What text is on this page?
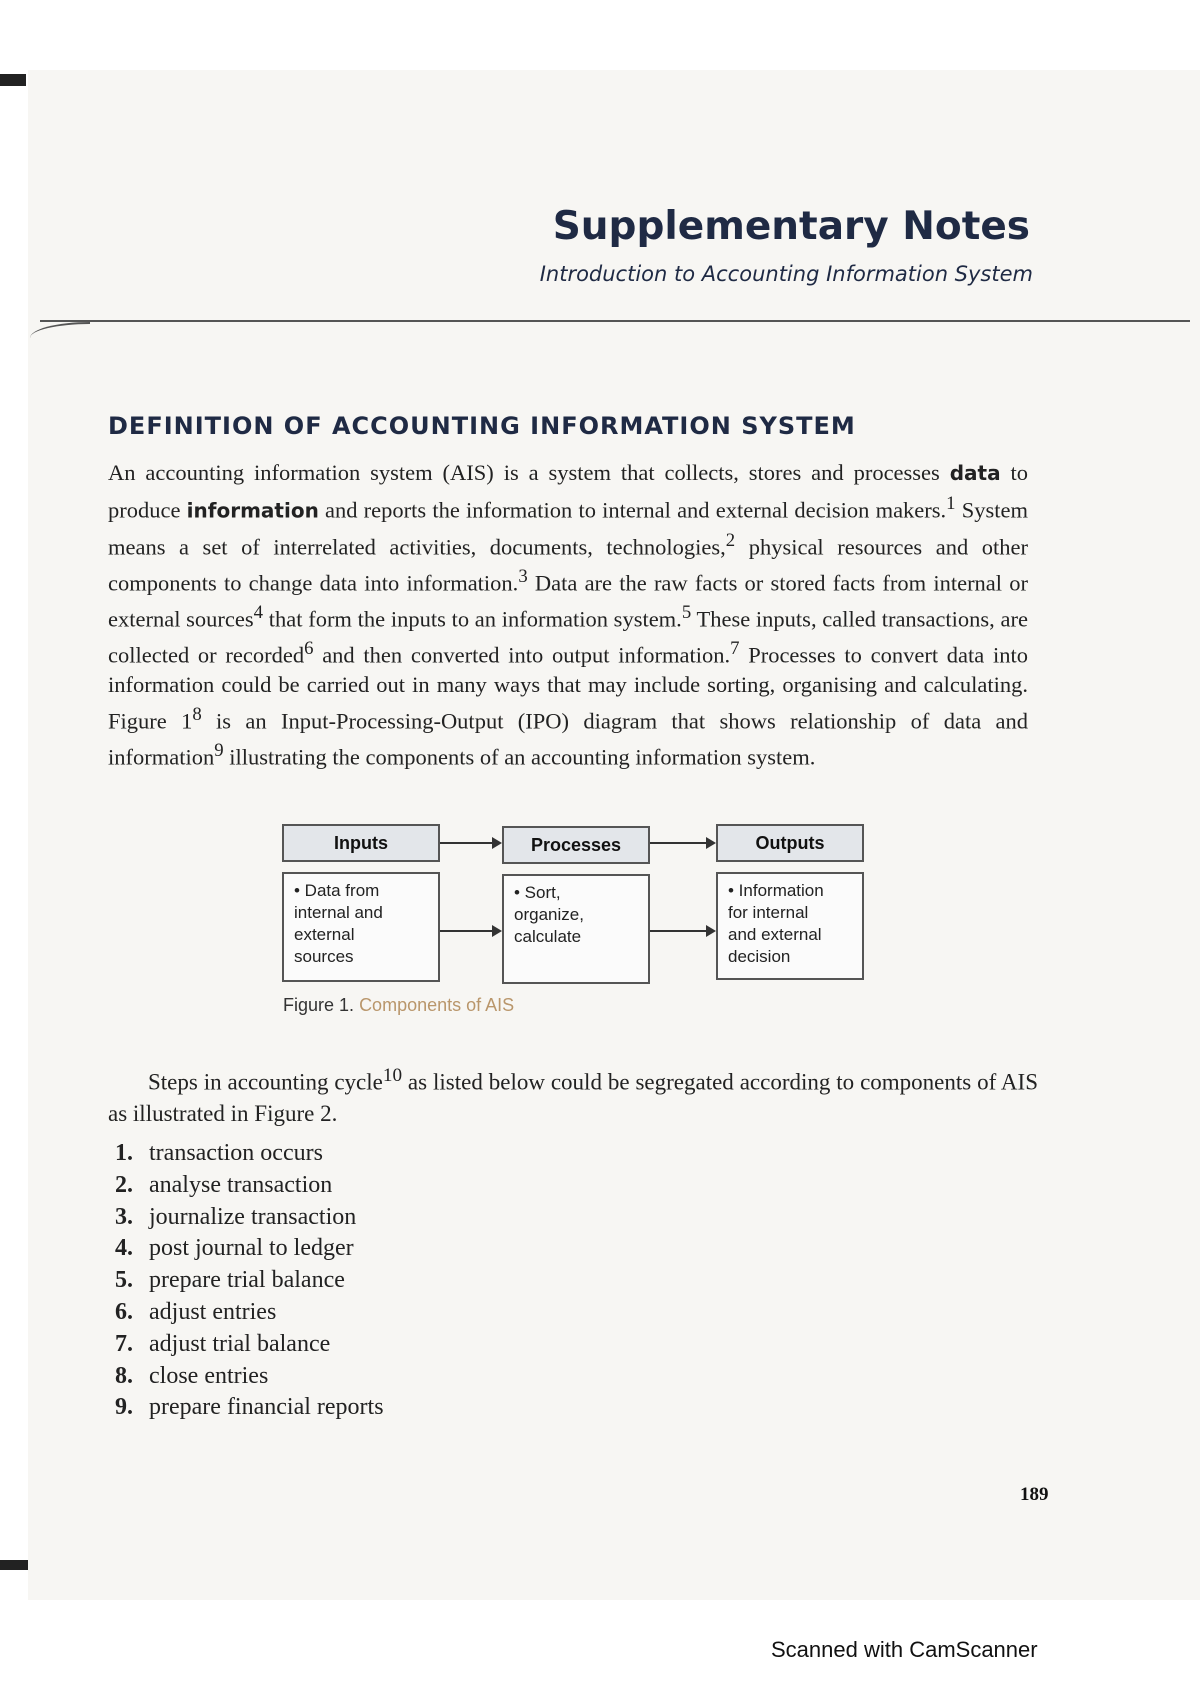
Supplementary Notes

Introduction to Accounting Information System

DEFINITION OF ACCOUNTING INFORMATION SYSTEM

An accounting information system (AIS) is a system that collects, stores and processes data to produce information and reports the information to internal and external decision makers.$^1$ System means a set of interrelated activities, documents, technologies,$^2$ physical resources and other components to change data into information.$^3$ Data are the raw facts or stored facts from internal or external sources$^4$ that form the inputs to an information system.$^5$ These inputs, called transactions, are collected or recorded$^6$ and then converted into output information.$^7$ Processes to convert data into information could be carried out in many ways that may include sorting, organising and calculating. Figure $1^8$ is an Input-Processing-Output (IPO) diagram that shows relationship of data and information$^9$ illustrating the components of an accounting information system.

Inputs	Processes	Outputs
• Data from
internal and
external
sources
• Sort,
organize,
calculate
• Information
for internal
and external
decision

Figure 1. Components of AIS

Steps in accounting cycle$^{10}$ as listed below could be segregated according to components of AIS as illustrated in Figure 2.

1. transaction occurs
2. analyse transaction
3. journalize transaction
4. post journal to ledger
5. prepare trial balance
6. adjust entries
7. adjust trial balance
8. close entries
9. prepare financial reports

189

Scanned with CamScanner
